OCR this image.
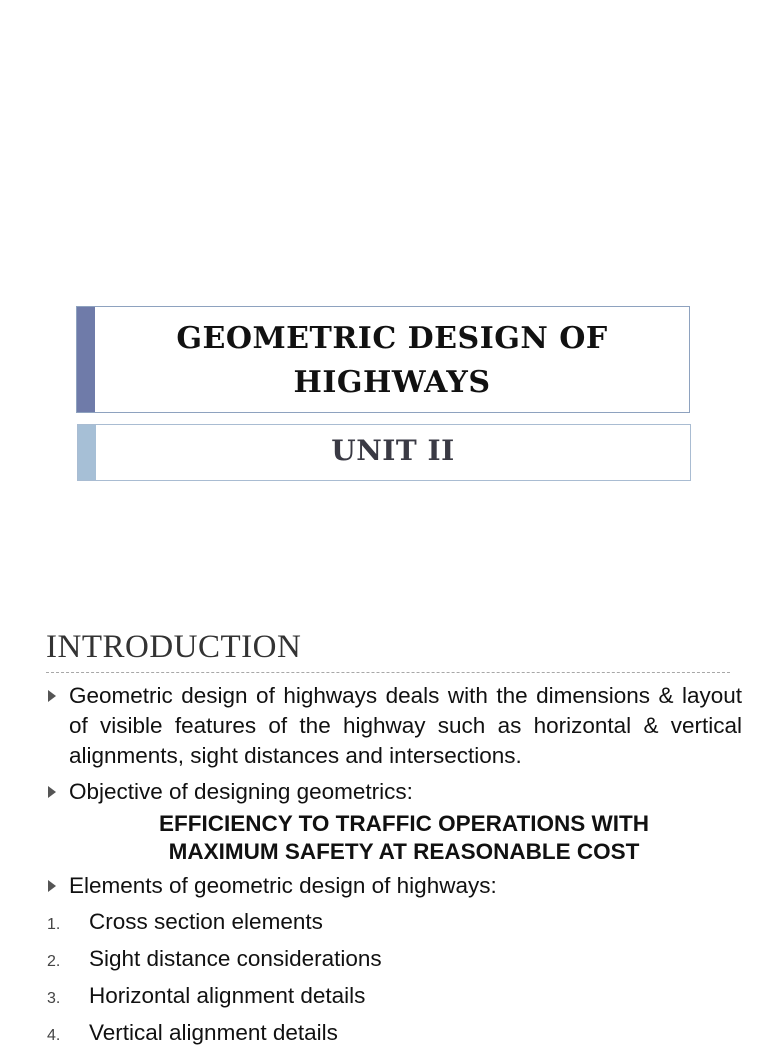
GEOMETRIC DESIGN OF
HIGHWAYS
UNIT II
INTRODUCTION
Geometric design of highways deals with the dimensions & layout of visible features of the highway such as horizontal & vertical alignments, sight distances and intersections.
Objective of designing geometrics:
EFFICIENCY TO TRAFFIC OPERATIONS WITH
MAXIMUM SAFETY AT REASONABLE COST
Elements of geometric design of highways:
1. Cross section elements
2. Sight distance considerations
3. Horizontal alignment details
4. Vertical alignment details
